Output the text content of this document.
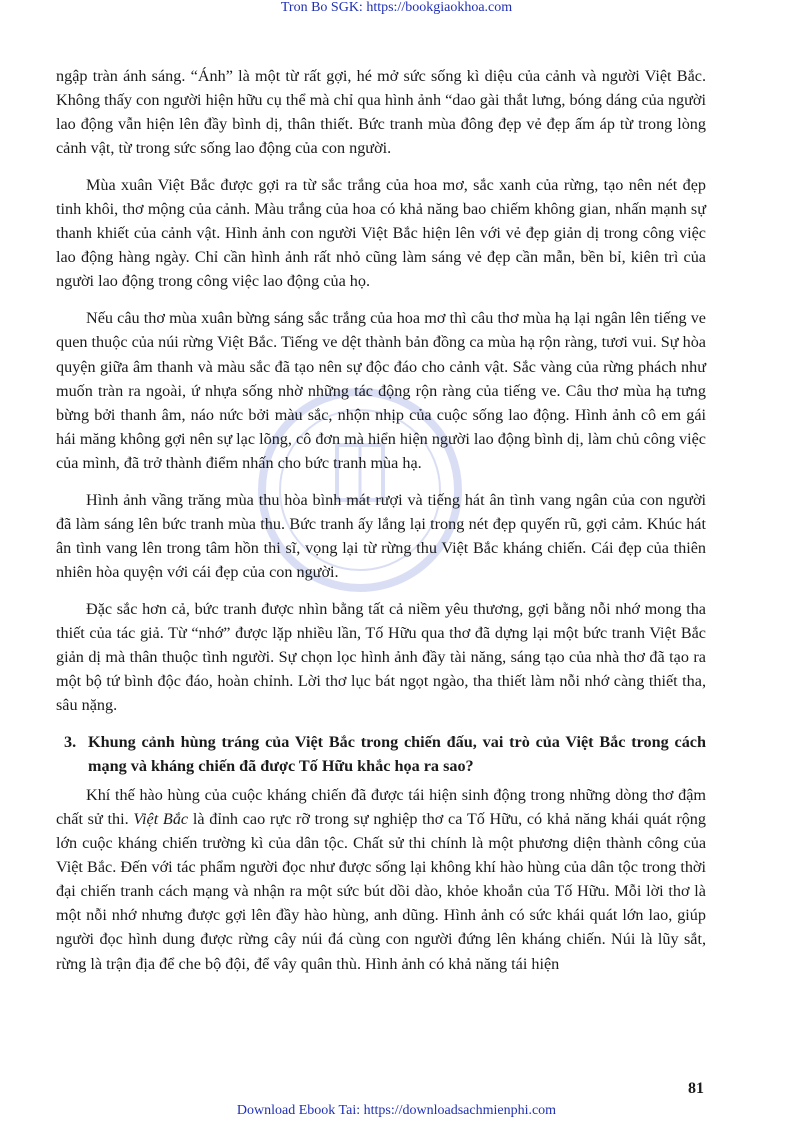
Tron Bo SGK: https://bookgiaokhoa.com

ngập tràn ánh sáng. “Ánh” là một từ rất gợi, hé mở sức sống kì diệu của cảnh và người Việt Bắc. Không thấy con người hiện hữu cụ thể mà chỉ qua hình ảnh “dao gài thắt lưng, bóng dáng của người lao động vẫn hiện lên đầy bình dị, thân thiết. Bức tranh mùa đông đẹp vẻ đẹp ấm áp từ trong lòng cảnh vật, từ trong sức sống lao động của con người.

Mùa xuân Việt Bắc được gợi ra từ sắc trắng của hoa mơ, sắc xanh của rừng, tạo nên nét đẹp tinh khôi, thơ mộng của cảnh. Màu trắng của hoa có khả năng bao chiếm không gian, nhấn mạnh sự thanh khiết của cảnh vật. Hình ảnh con người Việt Bắc hiện lên với vẻ đẹp giản dị trong công việc lao động hàng ngày. Chỉ cần hình ảnh rất nhỏ cũng làm sáng vẻ đẹp cần mẫn, bền bỉ, kiên trì của người lao động trong công việc lao động của họ.

Nếu câu thơ mùa xuân bừng sáng sắc trắng của hoa mơ thì câu thơ mùa hạ lại ngân lên tiếng ve quen thuộc của núi rừng Việt Bắc. Tiếng ve dệt thành bản đồng ca mùa hạ rộn ràng, tươi vui. Sự hòa quyện giữa âm thanh và màu sắc đã tạo nên sự độc đáo cho cảnh vật. Sắc vàng của rừng phách như muốn tràn ra ngoài, ứ nhựa sống nhờ những tác động rộn ràng của tiếng ve. Câu thơ mùa hạ tưng bừng bởi thanh âm, náo nức bởi màu sắc, nhộn nhịp của cuộc sống lao động. Hình ảnh cô em gái hái măng không gợi nên sự lạc lõng, cô đơn mà hiển hiện người lao động bình dị, làm chủ công việc của mình, đã trở thành điểm nhấn cho bức tranh mùa hạ.

Hình ảnh vầng trăng mùa thu hòa bình mát rượi và tiếng hát ân tình vang ngân của con người đã làm sáng lên bức tranh mùa thu. Bức tranh ấy lắng lại trong nét đẹp quyến rũ, gợi cảm. Khúc hát ân tình vang lên trong tâm hồn thi sĩ, vọng lại từ rừng thu Việt Bắc kháng chiến. Cái đẹp của thiên nhiên hòa quyện với cái đẹp của con người.

Đặc sắc hơn cả, bức tranh được nhìn bằng tất cả niềm yêu thương, gợi bằng nỗi nhớ mong tha thiết của tác giả. Từ “nhớ” được lặp nhiều lần, Tố Hữu qua thơ đã dựng lại một bức tranh Việt Bắc giản dị mà thân thuộc tình người. Sự chọn lọc hình ảnh đầy tài năng, sáng tạo của nhà thơ đã tạo ra một bộ tứ bình độc đáo, hoàn chỉnh. Lời thơ lục bát ngọt ngào, tha thiết làm nỗi nhớ càng thiết tha, sâu nặng.

3. Khung cảnh hùng tráng của Việt Bắc trong chiến đấu, vai trò của Việt Bắc trong cách mạng và kháng chiến đã được Tố Hữu khắc họa ra sao?

Khí thế hào hùng của cuộc kháng chiến đã được tái hiện sinh động trong những dòng thơ đậm chất sử thi. Việt Bắc là đỉnh cao rực rỡ trong sự nghiệp thơ ca Tố Hữu, có khả năng khái quát rộng lớn cuộc kháng chiến trường kì của dân tộc. Chất sử thi chính là một phương diện thành công của Việt Bắc. Đến với tác phẩm người đọc như được sống lại không khí hào hùng của dân tộc trong thời đại chiến tranh cách mạng và nhận ra một sức bút dồi dào, khỏe khoắn của Tố Hữu. Mỗi lời thơ là một nỗi nhớ nhưng được gợi lên đầy hào hùng, anh dũng. Hình ảnh có sức khái quát lớn lao, giúp người đọc hình dung được rừng cây núi đá cùng con người đứng lên kháng chiến. Núi là lũy sắt, rừng là trận địa để che bộ đội, để vây quân thù. Hình ảnh có khả năng tái hiện

81
Download Ebook Tai: https://downloadsachmienphi.com
